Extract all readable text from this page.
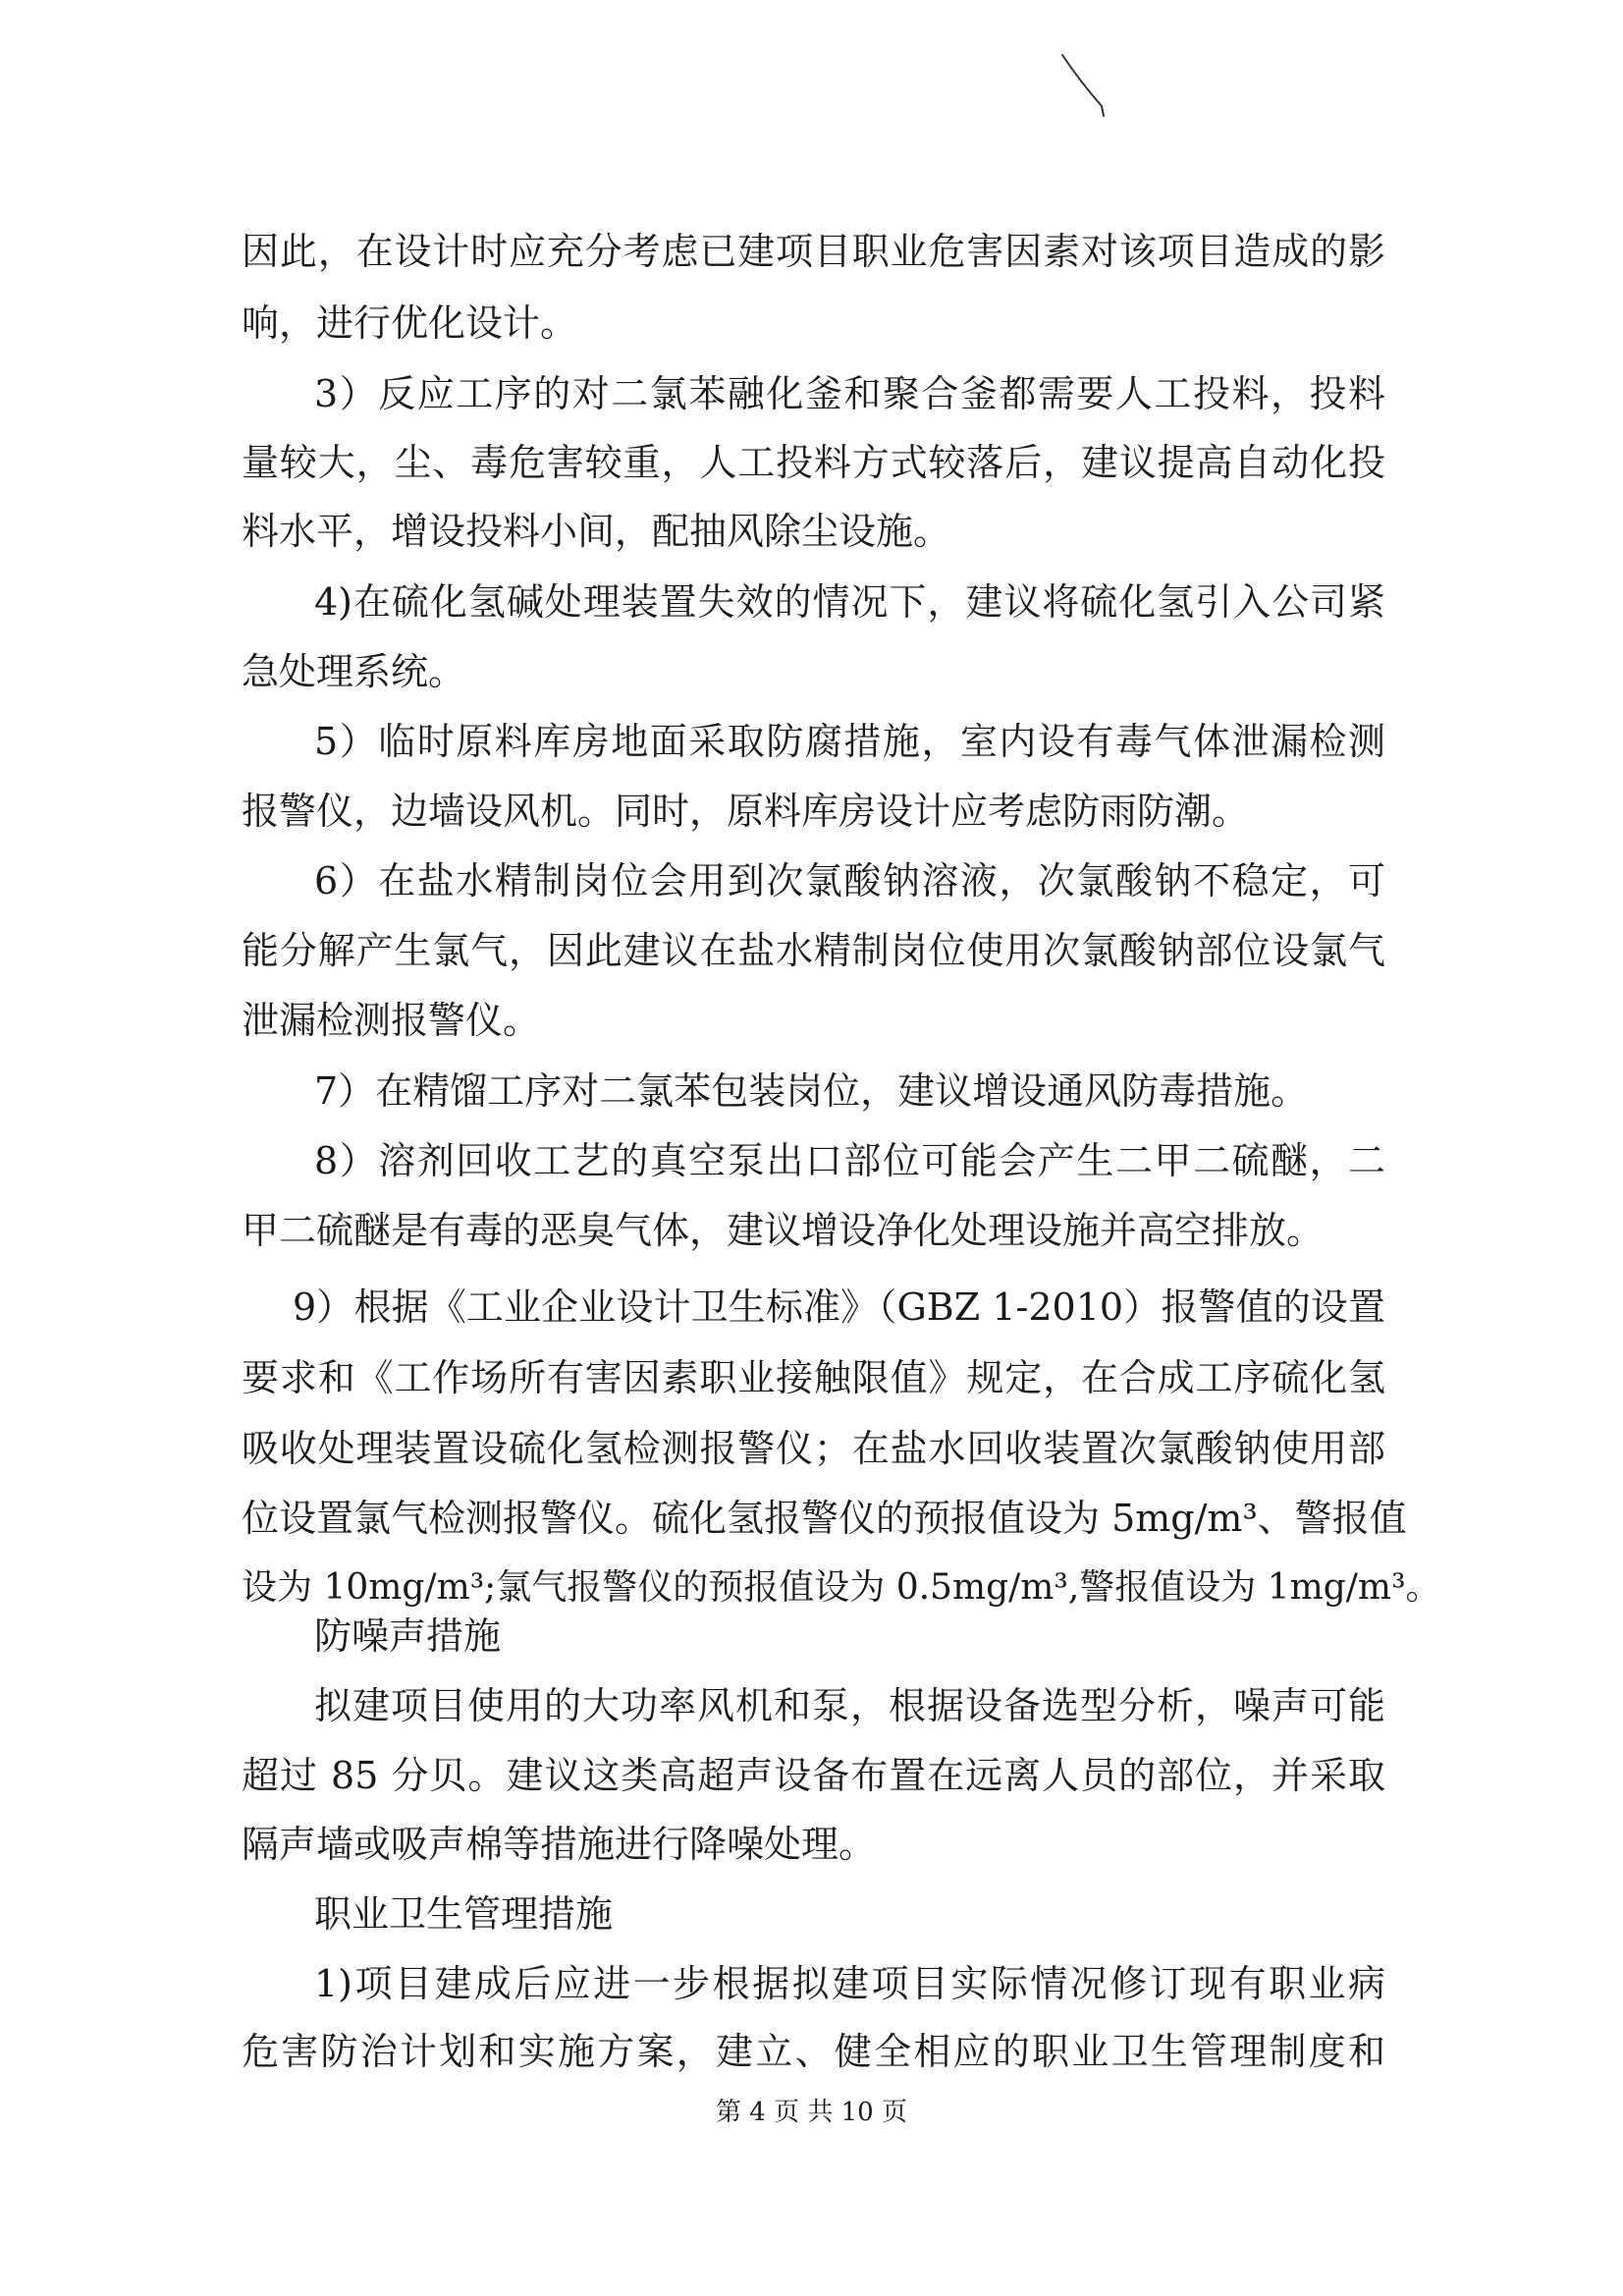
因此，在设计时应充分考虑已建项目职业危害因素对该项目造成的影
响，进行优化设计。
3）反应工序的对二氯苯融化釜和聚合釜都需要人工投料，投料
量较大，尘、毒危害较重，人工投料方式较落后，建议提高自动化投
料水平，增设投料小间，配抽风除尘设施。
4)在硫化氢碱处理装置失效的情况下，建议将硫化氢引入公司紧
急处理系统。
5）临时原料库房地面采取防腐措施，室内设有毒气体泄漏检测
报警仪，边墙设风机。同时，原料库房设计应考虑防雨防潮。
6）在盐水精制岗位会用到次氯酸钠溶液，次氯酸钠不稳定，可
能分解产生氯气，因此建议在盐水精制岗位使用次氯酸钠部位设氯气
泄漏检测报警仪。
7）在精馏工序对二氯苯包装岗位，建议增设通风防毒措施。
8）溶剂回收工艺的真空泵出口部位可能会产生二甲二硫醚，二
甲二硫醚是有毒的恶臭气体，建议增设净化处理设施并高空排放。
9）根据《工业企业设计卫生标准》（GBZ 1-2010）报警值的设置
要求和《工作场所有害因素职业接触限值》规定，在合成工序硫化氢
吸收处理装置设硫化氢检测报警仪；在盐水回收装置次氯酸钠使用部
位设置氯气检测报警仪。硫化氢报警仪的预报值设为 5mg/m³、警报值
设为 10mg/m³;氯气报警仪的预报值设为 0.5mg/m³,警报值设为 1mg/m³。
防噪声措施
拟建项目使用的大功率风机和泵，根据设备选型分析，噪声可能
超过 85 分贝。建议这类高超声设备布置在远离人员的部位，并采取
隔声墙或吸声棉等措施进行降噪处理。
职业卫生管理措施
1)项目建成后应进一步根据拟建项目实际情况修订现有职业病
危害防治计划和实施方案，建立、健全相应的职业卫生管理制度和
第 4 页 共 10 页
